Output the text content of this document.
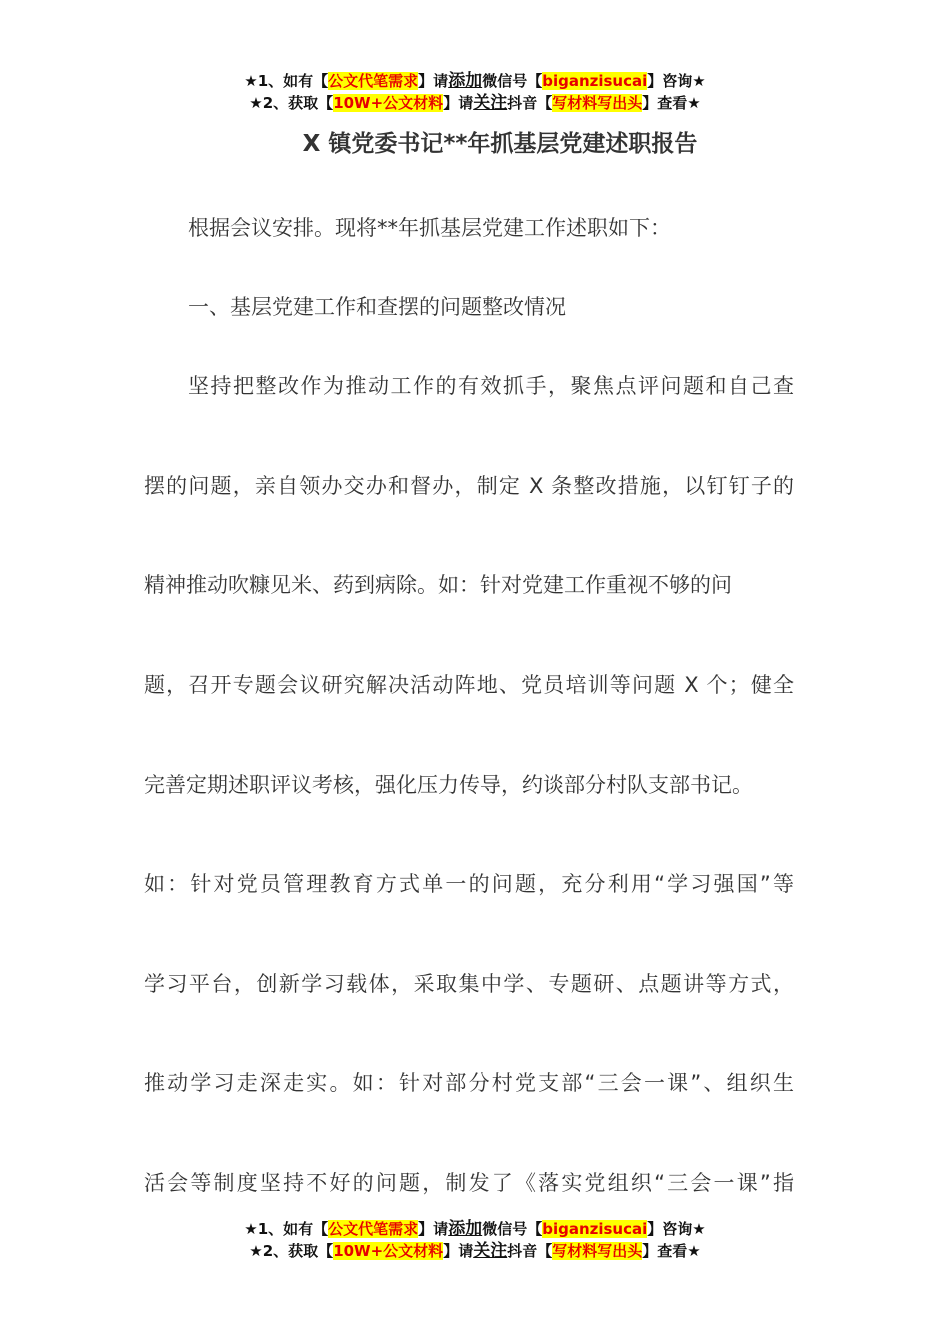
★1、如有【公文代笔需求】请添加微信号【biganzisucai】咨询★
★2、获取【10W+公文材料】请关注抖音【写材料写出头】查看★
X 镇党委书记**年抓基层党建述职报告
根据会议安排。现将**年抓基层党建工作述职如下：
一、基层党建工作和查摆的问题整改情况
坚持把整改作为推动工作的有效抓手，聚焦点评问题和自己查
摆的问题，亲自领办交办和督办，制定 X 条整改措施，以钉钉子的
精神推动吹糠见米、药到病除。如：针对党建工作重视不够的问
题，召开专题会议研究解决活动阵地、党员培训等问题 X 个；健全
完善定期述职评议考核，强化压力传导，约谈部分村队支部书记。
如：针对党员管理教育方式单一的问题，充分利用“学习强国”等
学习平台，创新学习载体，采取集中学、专题研、点题讲等方式，
推动学习走深走实。如：针对部分村党支部“三会一课”、组织生
活会等制度坚持不好的问题，制发了《落实党组织“三会一课”指
★1、如有【公文代笔需求】请添加微信号【biganzisucai】咨询★
★2、获取【10W+公文材料】请关注抖音【写材料写出头】查看★
